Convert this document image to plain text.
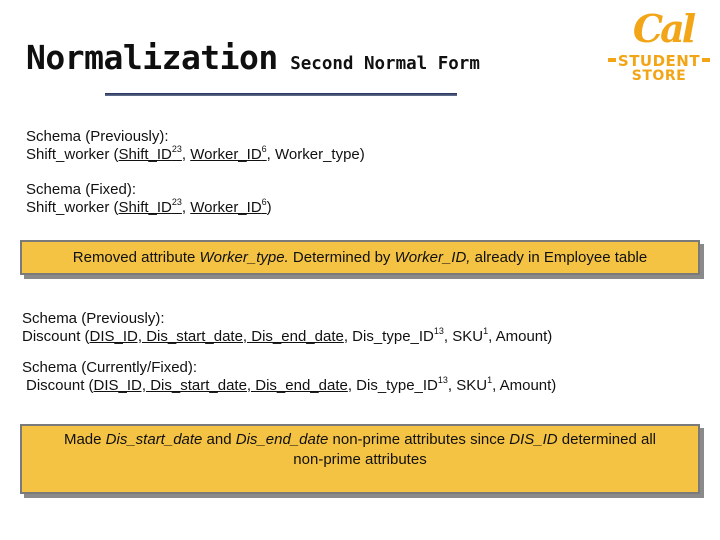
Normalization Second Normal Form
Cal
STUDENT
STORE
Schema (Previously):
Shift_worker (Shift_ID$^{23}$, $Worker\_ID^6$, Worker_type)
Schema (Fixed):
Shift_worker (Shift_ID$^{23}$, $Worker\_ID^6$)
Removed attribute
Worker_type.
Determined by
Worker_ID,
already in Employee table
Schema (Previously):
Discount (DIS_ID, Dis_start_date, Dis_end_date, Dis_type_ID$^{13}$, SKU$^1$, Amount)
Schema (Currently/Fixed):
Discount (DIS_ID, Dis_start_date, Dis_end_date, Dis_type_ID$^{13}$, SKU$^1$, Amount)
Made Dis_start_date and Dis_end_date non-prime attributes since DIS_ID determined all
non-prime attributes
